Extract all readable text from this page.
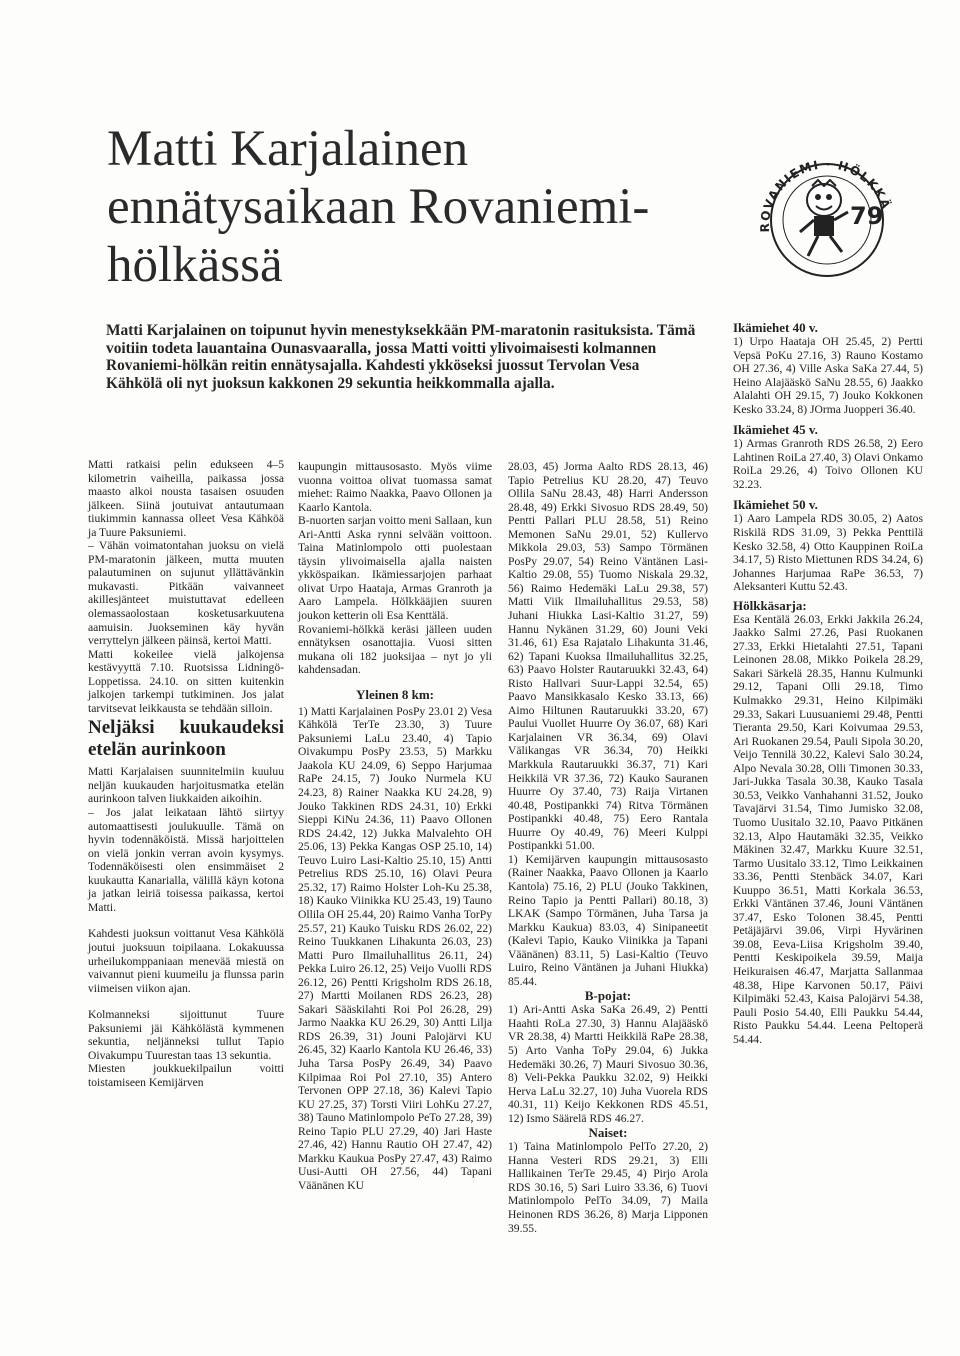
Matti Karjalainen ennätysaikaan Rovaniemi-hölkässä
ROVANIEMI · HÖLKKÄ
79
Matti Karjalainen on toipunut hyvin menestyksekkään PM-maratonin rasituksista. Tämä voitiin todeta lauantaina Ounasvaaralla, jossa Matti voitti ylivoimaisesti kolmannen Rovaniemi-hölkän reitin ennätysajalla. Kahdesti ykköseksi juossut Tervolan Vesa Kähkölä oli nyt juoksun kakkonen 29 sekuntia heikkommalla ajalla.

Matti ratkaisi pelin edukseen 4–5 kilometrin vaiheilla, paikassa jossa maasto alkoi nousta tasaisen osuuden jälkeen. Siinä joutuivat antautumaan tiukimmin kannassa olleet Vesa Kähköä ja Tuure Paksuniemi.

– Vähän voimatontahan juoksu on vielä PM-maratonin jälkeen, mutta muuten palautuminen on sujunut yllättävänkin mukavasti. Pitkään vaivanneet akillesjänteet muistuttavat edelleen olemassaolostaan kosketusarkuutena aamuisin. Juokseminen käy hyvän verryttelyn jälkeen päinsä, kertoi Matti.

Matti kokeilee vielä jalkojensa kestävyyttä 7.10. Ruotsissa Lidningö-Loppetissa. 24.10. on sitten kuitenkin jalkojen tarkempi tutkiminen. Jos jalat tarvitsevat leikkausta se tehdään silloin.

Neljäksi kuukaudeksi etelän aurinkoon

Matti Karjalaisen suunnitelmiin kuuluu neljän kuukauden harjoitusmatka etelän aurinkoon talven liukkaiden aikoihin.

– Jos jalat leikataan lähtö siirtyy automaattisesti joulukuulle. Tämä on hyvin todennäköistä. Missä harjoittelen on vielä jonkin verran avoin kysymys. Todennäköisesti olen ensimmäiset 2 kuukautta Kanarialla, välillä käyn kotona ja jatkan leiriä toisessa paikassa, kertoi Matti.

Kahdesti juoksun voittanut Vesa Kähkölä joutui juoksuun toipilaana. Lokakuussa urheilukomppaniaan menevää miestä on vaivannut pieni kuumeilu ja flunssa parin viimeisen viikon ajan.

Kolmanneksi sijoittunut Tuure Paksuniemi jäi Kähkölästä kymmenen sekuntia, neljänneksi tullut Tapio Oivakumpu Tuurestan taas 13 sekuntia.

Miesten joukkuekilpailun voitti toistamiseen Kemijärven

kaupungin mittausosasto. Myös viime vuonna voittoa olivat tuomassa samat miehet: Raimo Naakka, Paavo Ollonen ja Kaarlo Kantola.

B-nuorten sarjan voitto meni Sallaan, kun Ari-Antti Aska rynni selvään voittoon. Taina Matinlompolo otti puolestaan täysin ylivoimaisella ajalla naisten ykköspaikan. Ikämiessarjojen parhaat olivat Urpo Haataja, Armas Granroth ja Aaro Lampela. Hölkkääjien suuren joukon ketterin oli Esa Kenttälä.

Rovaniemi-hölkkä keräsi jälleen uuden ennätyksen osanottajia. Vuosi sitten mukana oli 182 juoksijaa – nyt jo yli kahdensadan.

Yleinen 8 km:

1) Matti Karjalainen PosPy 23.01 2) Vesa Kähkölä TerTe 23.30, 3) Tuure Paksuniemi LaLu 23.40, 4) Tapio Oivakumpu PosPy 23.53, 5) Markku Jaakola KU 24.09, 6) Seppo Harjumaa RaPe 24.15, 7) Jouko Nurmela KU 24.23, 8) Rainer Naakka KU 24.28, 9) Jouko Takkinen RDS 24.31, 10) Erkki Sieppi KiNu 24.36, 11) Paavo Ollonen RDS 24.42, 12) Jukka Malvalehto OH 25.06, 13) Pekka Kangas OSP 25.10, 14) Teuvo Luiro Lasi-Kaltio 25.10, 15) Antti Petrelius RDS 25.10, 16) Olavi Peura 25.32, 17) Raimo Holster Loh-Ku 25.38, 18) Kauko Viinikka KU 25.43, 19) Tauno Ollila OH 25.44, 20) Raimo Vanha TorPy 25.57, 21) Kauko Tuisku RDS 26.02, 22) Reino Tuukkanen Lihakunta 26.03, 23) Matti Puro Ilmailuhallitus 26.11, 24) Pekka Luiro 26.12, 25) Veijo Vuolli RDS 26.12, 26) Pentti Krigsholm RDS 26.18, 27) Martti Moilanen RDS 26.23, 28) Sakari Sääskilahti Roi Pol 26.28, 29) Jarmo Naakka KU 26.29, 30) Antti Lilja RDS 26.39, 31) Jouni Palojärvi KU 26.45, 32) Kaarlo Kantola KU 26.46, 33) Juha Tarsa PosPy 26.49, 34) Paavo Kilpimaa Roi Pol 27.10, 35) Antero Tervonen OPP 27.18, 36) Kalevi Tapio KU 27.25, 37) Torsti Viiri LohKu 27.27, 38) Tauno Matinlompolo PeTo 27.28, 39) Reino Tapio PLU 27.29, 40) Jari Haste 27.46, 42) Hannu Rautio OH 27.47, 42) Markku Kaukua PosPy 27.47, 43) Raimo Uusi-Autti OH 27.56, 44) Tapani Väänänen KU

28.03, 45) Jorma Aalto RDS 28.13, 46) Tapio Petrelius KU 28.20, 47) Teuvo Ollila SaNu 28.43, 48) Harri Andersson 28.48, 49) Erkki Sivosuo RDS 28.49, 50) Pentti Pallari PLU 28.58, 51) Reino Memonen SaNu 29.01, 52) Kullervo Mikkola 29.03, 53) Sampo Törmänen PosPy 29.07, 54) Reino Väntänen Lasi-Kaltio 29.08, 55) Tuomo Niskala 29.32, 56) Raimo Hedemäki LaLu 29.38, 57) Matti Viik Ilmailuhallitus 29.53, 58) Juhani Hiukka Lasi-Kaltio 31.27, 59) Hannu Nykänen 31.29, 60) Jouni Veki 31.46, 61) Esa Rajatalo Lihakunta 31.46, 62) Tapani Kuoksa Ilmailuhallitus 32.25, 63) Paavo Holster Rautaruukki 32.43, 64) Risto Hallvari Suur-Lappi 32.54, 65) Paavo Mansikkasalo Kesko 33.13, 66) Aimo Hiltunen Rautaruukki 33.20, 67) Paului Vuollet Huurre Oy 36.07, 68) Kari Karjalainen VR 36.34, 69) Olavi Välikangas VR 36.34, 70) Heikki Markkula Rautaruukki 36.37, 71) Kari Heikkilä VR 37.36, 72) Kauko Sauranen Huurre Oy 37.40, 73) Raija Virtanen 40.48, Postipankki 74) Ritva Törmänen Postipankki 40.48, 75) Eero Rantala Huurre Oy 40.49, 76) Meeri Kulppi Postipankki 51.00.

1) Kemijärven kaupungin mittausosasto (Rainer Naakka, Paavo Ollonen ja Kaarlo Kantola) 75.16, 2) PLU (Jouko Takkinen, Reino Tapio ja Pentti Pallari) 80.18, 3) LKAK (Sampo Törmänen, Juha Tarsa ja Markku Kaukua) 83.03, 4) Sinipaneetit (Kalevi Tapio, Kauko Viinikka ja Tapani Väänänen) 83.11, 5) Lasi-Kaltio (Teuvo Luiro, Reino Väntänen ja Juhani Hiukka) 85.44.

B-pojat:

1) Ari-Antti Aska SaKa 26.49, 2) Pentti Haahti RoLa 27.30, 3) Hannu Alajääskö VR 28.38, 4) Martti Heikkilä RaPe 28.38, 5) Arto Vanha ToPy 29.04, 6) Jukka Hedemäki 30.26, 7) Mauri Sivosuo 30.36, 8) Veli-Pekka Paukku 32.02, 9) Heikki Herva LaLu 32.27, 10) Juha Vuorela RDS 40.31, 11) Keijo Kekkonen RDS 45.51, 12) Ismo Säärelä RDS 46.27.

Naiset:

1) Taina Matinlompolo PelTo 27.20, 2) Hanna Vesteri RDS 29.21, 3) Elli Hallikainen TerTe 29.45, 4) Pirjo Arola RDS 30.16, 5) Sari Luiro 33.36, 6) Tuovi Matinlompolo PelTo 34.09, 7) Maila Heinonen RDS 36.26, 8) Marja Lipponen 39.55.

Ikämiehet 40 v.

1) Urpo Haataja OH 25.45, 2) Pertti Vepsä PoKu 27.16, 3) Rauno Kostamo OH 27.36, 4) Ville Aska SaKa 27.44, 5) Heino Alajääskö SaNu 28.55, 6) Jaakko Alalahti OH 29.15, 7) Jouko Kokkonen Kesko 33.24, 8) JOrma Juopperi 36.40.

Ikämiehet 45 v.

1) Armas Granroth RDS 26.58, 2) Eero Lahtinen RoiLa 27.40, 3) Olavi Onkamo RoiLa 29.26, 4) Toivo Ollonen KU 32.23.

Ikämiehet 50 v.

1) Aaro Lampela RDS 30.05, 2) Aatos Riskilä RDS 31.09, 3) Pekka Penttilä Kesko 32.58, 4) Otto Kauppinen RoiLa 34.17, 5) Risto Miettunen RDS 34.24, 6) Johannes Harjumaa RaPe 36.53, 7) Aleksanteri Kuttu 52.43.

Hölkkäsarja:

Esa Kentälä 26.03, Erkki Jakkila 26.24, Jaakko Salmi 27.26, Pasi Ruokanen 27.33, Erkki Hietalahti 27.51, Tapani Leinonen 28.08, Mikko Poikela 28.29, Sakari Särkelä 28.35, Hannu Kulmunki 29.12, Tapani Olli 29.18, Timo Kulmakko 29.31, Heino Kilpimäki 29.33, Sakari Luusuaniemi 29.48, Pentti Tieranta 29.50, Kari Koivumaa 29.53, Ari Ruokanen 29.54, Pauli Sipola 30.20, Veijo Tennilä 30.22, Kalevi Salo 30.24, Alpo Nevala 30.28, Olli Timonen 30.33, Jari-Jukka Tasala 30.38, Kauko Tasala 30.53, Veikko Vanhahanni 31.52, Jouko Tavajärvi 31.54, Timo Jumisko 32.08, Tuomo Uusitalo 32.10, Paavo Pitkänen 32.13, Alpo Hautamäki 32.35, Veikko Mäkinen 32.47, Markku Kuure 32.51, Tarmo Uusitalo 33.12, Timo Leikkainen 33.36, Pentti Stenbäck 34.07, Kari Kuuppo 36.51, Matti Korkala 36.53, Erkki Väntänen 37.46, Jouni Väntänen 37.47, Esko Tolonen 38.45, Pentti Petäjäjärvi 39.06, Virpi Hyvärinen 39.08, Eeva-Liisa Krigsholm 39.40, Pentti Keskipoikela 39.59, Maija Heikuraisen 46.47, Marjatta Sallanmaa 48.38, Hipe Karvonen 50.17, Päivi Kilpimäki 52.43, Kaisa Palojärvi 54.38, Pauli Posio 54.40, Elli Paukku 54.44, Risto Paukku 54.44. Leena Peltoperä 54.44.
